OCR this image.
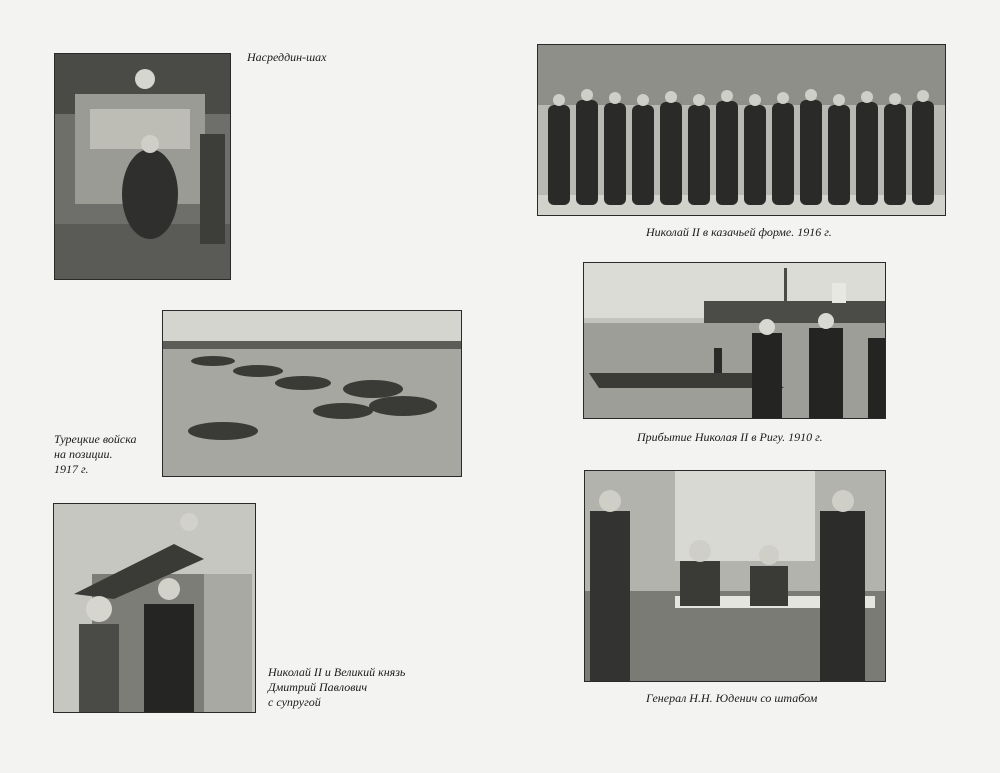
Насреддин-шах
Николай II в казачьей форме. 1916 г.
Турецкие войска
на позиции.
1917 г.
Прибытие Николая II в Ригу. 1910 г.
Николай II и Великий князь
Дмитрий Павлович
с супругой	Генерал Н.Н. Юденич со штабом
